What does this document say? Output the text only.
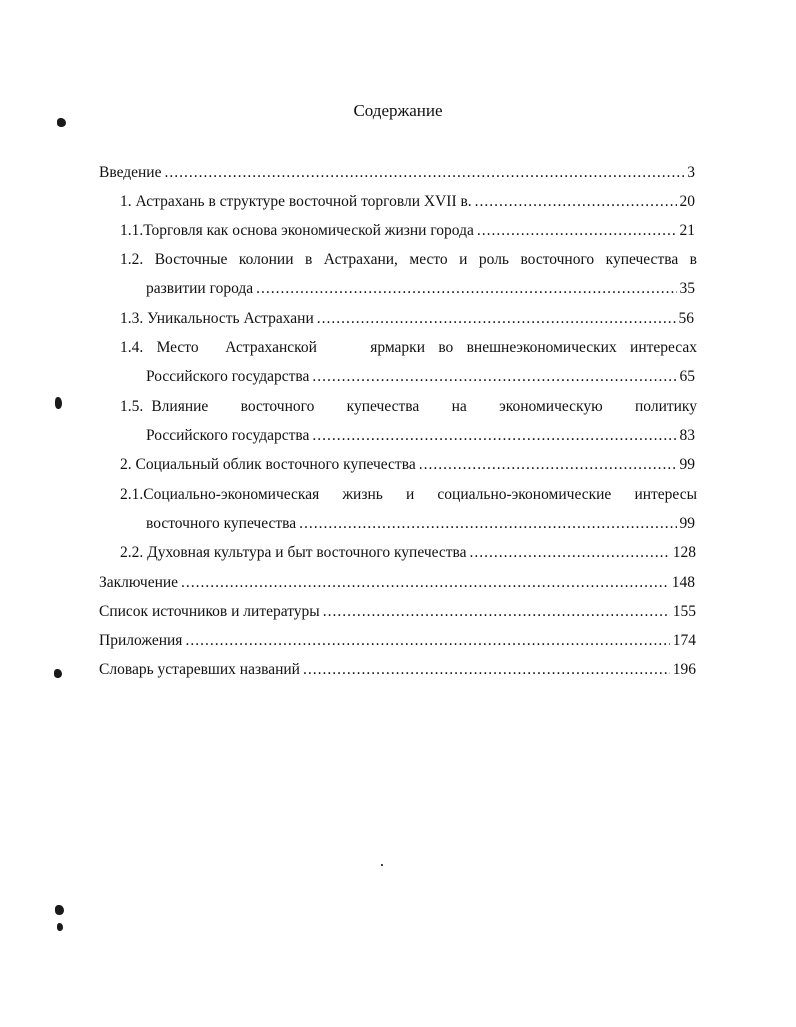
Содержание
Введение .....	3
1. Астрахань в структуре восточной торговли XVII в. .....	20
1.1.Торговля как основа экономической жизни города .....	21
1.2. Восточные колонии в Астрахани, место и роль восточного купечества в
развитии города .....	35
1.3. Уникальность Астрахани .....	56
1.4. Место  Астраханской    ярмарки во внешнеэкономических интересах
Российского государства .....	65
1.5. Влияние    восточного    купечества    на    экономическую    политику
Российского государства .....	83
2. Социальный облик восточного купечества .....	99
2.1.Социально-экономическая жизнь и социально-экономические интересы
восточного купечества .....	99
2.2. Духовная культура и быт восточного купечества .....	128
Заключение .....	148
Список источников и литературы .....	155
Приложения .....	174
Словарь устаревших названий .....	196
